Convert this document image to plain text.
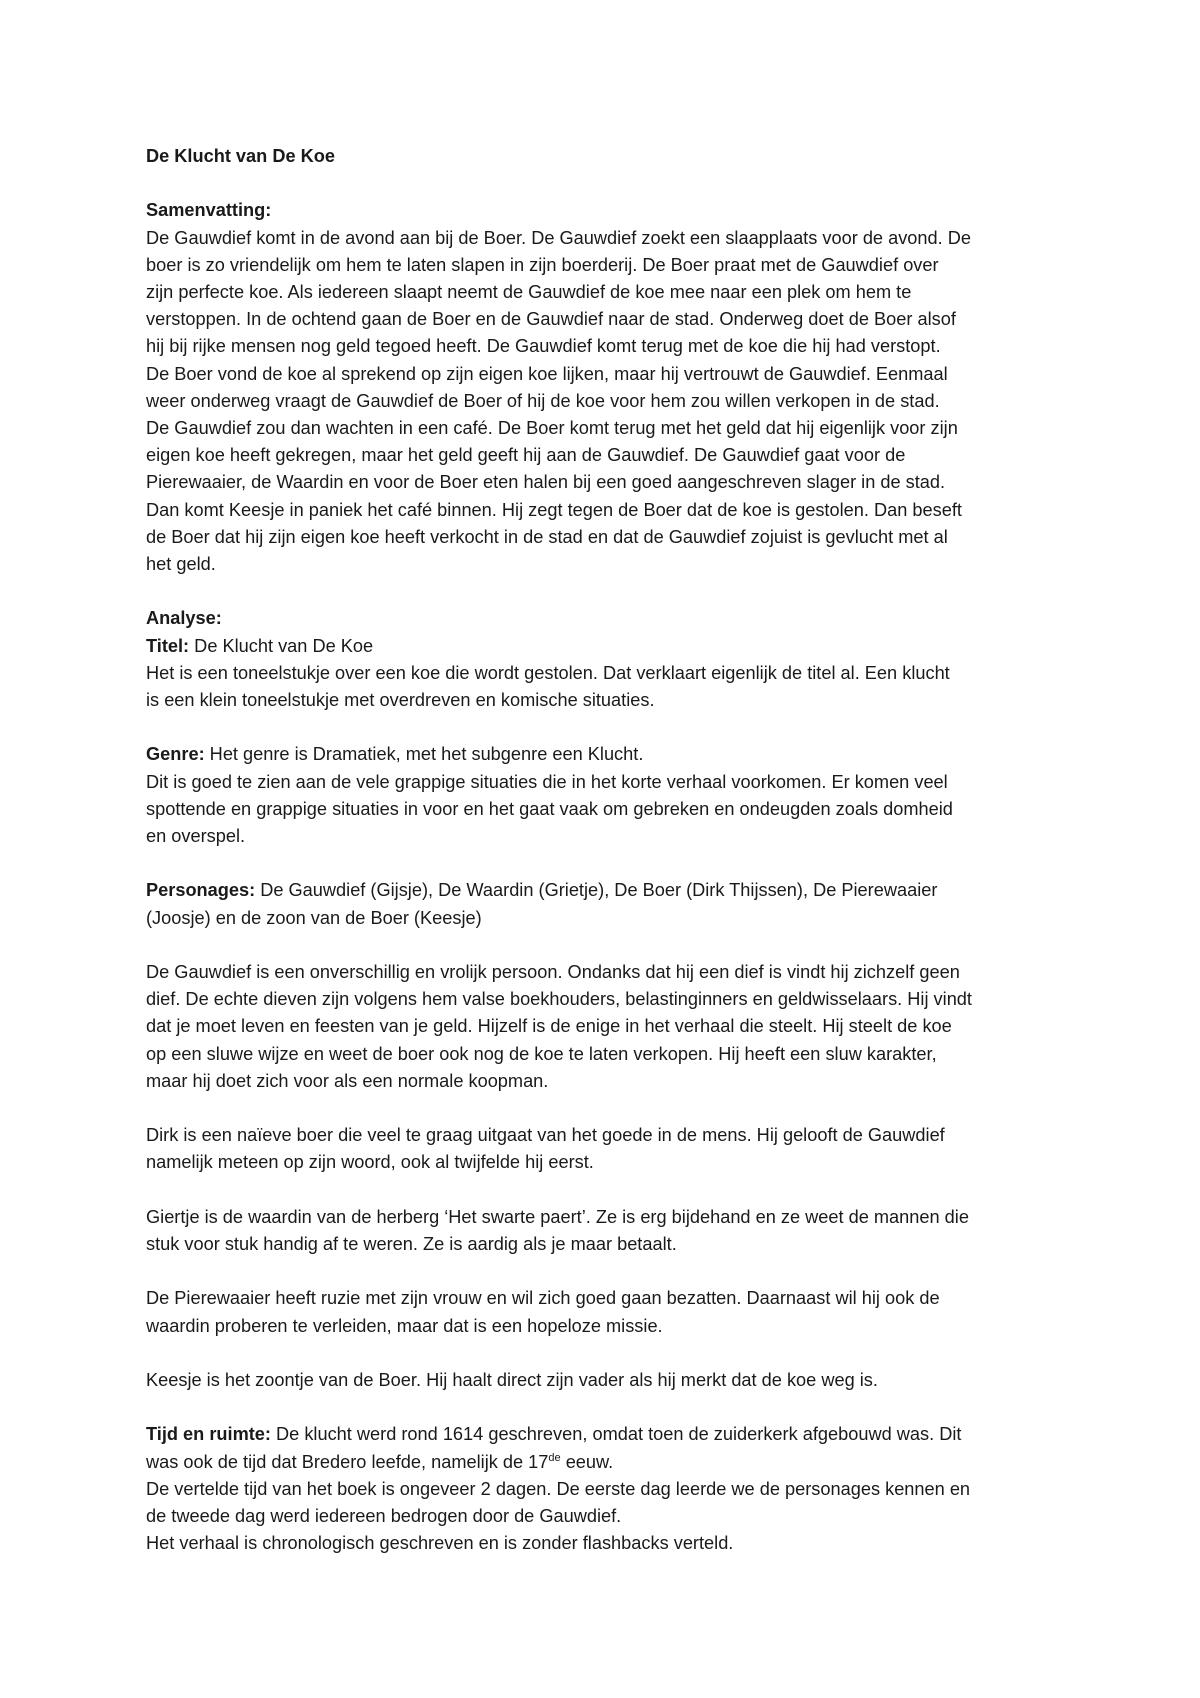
De Klucht van De Koe

Samenvatting:

De Gauwdief komt in de avond aan bij de Boer. De Gauwdief zoekt een slaapplaats voor de avond. De

boer is zo vriendelijk om hem te laten slapen in zijn boerderij. De Boer praat met de Gauwdief over

zijn perfecte koe. Als iedereen slaapt neemt de Gauwdief de koe mee naar een plek om hem te

verstoppen. In de ochtend gaan de Boer en de Gauwdief naar de stad. Onderweg doet de Boer alsof

hij bij rijke mensen nog geld tegoed heeft. De Gauwdief komt terug met de koe die hij had verstopt.

De Boer vond de koe al sprekend op zijn eigen koe lijken, maar hij vertrouwt de Gauwdief. Eenmaal

weer onderweg vraagt de Gauwdief de Boer of hij de koe voor hem zou willen verkopen in de stad.

De Gauwdief zou dan wachten in een café. De Boer komt terug met het geld dat hij eigenlijk voor zijn

eigen koe heeft gekregen, maar het geld geeft hij aan de Gauwdief. De Gauwdief gaat voor de

Pierewaaier, de Waardin en voor de Boer eten halen bij een goed aangeschreven slager in de stad.

Dan komt Keesje in paniek het café binnen. Hij zegt tegen de Boer dat de koe is gestolen. Dan beseft

de Boer dat hij zijn eigen koe heeft verkocht in de stad en dat de Gauwdief zojuist is gevlucht met al

het geld.

Analyse:

Titel: De Klucht van De Koe

Het is een toneelstukje over een koe die wordt gestolen. Dat verklaart eigenlijk de titel al. Een klucht

is een klein toneelstukje met overdreven en komische situaties.

Genre: Het genre is Dramatiek, met het subgenre een Klucht.

Dit is goed te zien aan de vele grappige situaties die in het korte verhaal voorkomen. Er komen veel

spottende en grappige situaties in voor en het gaat vaak om gebreken en ondeugden zoals domheid

en overspel.

Personages: De Gauwdief (Gijsje), De Waardin (Grietje), De Boer (Dirk Thijssen), De Pierewaaier

(Joosje) en de zoon van de Boer (Keesje)

De Gauwdief is een onverschillig en vrolijk persoon. Ondanks dat hij een dief is vindt hij zichzelf geen

dief. De echte dieven zijn volgens hem valse boekhouders, belastinginners en geldwisselaars. Hij vindt

dat je moet leven en feesten van je geld. Hijzelf is de enige in het verhaal die steelt. Hij steelt de koe

op een sluwe wijze en weet de boer ook nog de koe te laten verkopen. Hij heeft een sluw karakter,

maar hij doet zich voor als een normale koopman.

Dirk is een naïeve boer die veel te graag uitgaat van het goede in de mens. Hij gelooft de Gauwdief

namelijk meteen op zijn woord, ook al twijfelde hij eerst.

Giertje is de waardin van de herberg ‘Het swarte paert’. Ze is erg bijdehand en ze weet de mannen die

stuk voor stuk handig af te weren. Ze is aardig als je maar betaalt.

De Pierewaaier heeft ruzie met zijn vrouw en wil zich goed gaan bezatten. Daarnaast wil hij ook de

waardin proberen te verleiden, maar dat is een hopeloze missie.

Keesje is het zoontje van de Boer. Hij haalt direct zijn vader als hij merkt dat de koe weg is.

Tijd en ruimte: De klucht werd rond 1614 geschreven, omdat toen de zuiderkerk afgebouwd was. Dit

was ook de tijd dat Bredero leefde, namelijk de 17de eeuw.

De vertelde tijd van het boek is ongeveer 2 dagen. De eerste dag leerde we de personages kennen en

de tweede dag werd iedereen bedrogen door de Gauwdief.

Het verhaal is chronologisch geschreven en is zonder flashbacks verteld.
